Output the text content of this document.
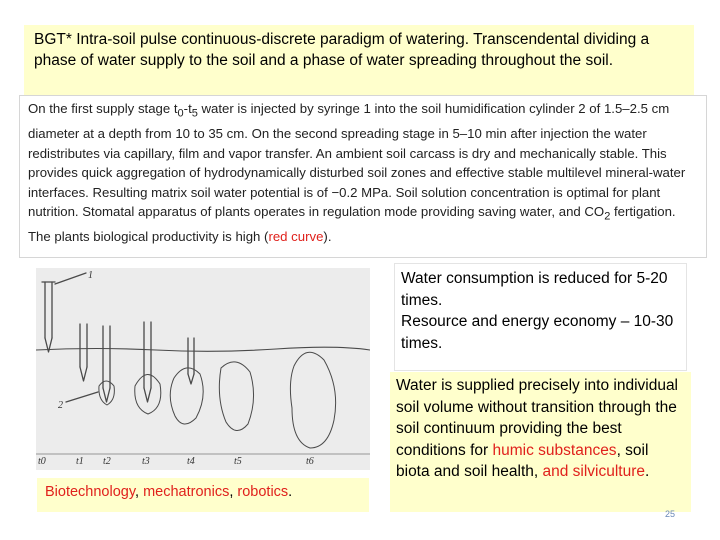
BGT* Intra-soil pulse continuous-discrete paradigm of watering. Transcendental dividing a phase of water supply to the soil and a phase of water spreading throughout the soil.

On the first supply stage $t_0-t_5$ water is injected by syringe 1 into the soil humidification cylinder 2 of 1.5–2.5 cm diameter at a depth from 10 to 35 cm. On the second spreading stage in 5–10 min after injection the water redistributes via capillary, film and vapor transfer. An ambient soil carcass is dry and mechanically stable. This provides quick aggregation of hydrodynamically disturbed soil zones and effective stable multilevel mineral-water interfaces. Resulting matrix soil water potential is of −0.2 MPa. Soil solution concentration is optimal for plant nutrition. Stomatal apparatus of plants operates in regulation mode providing saving water, and $CO_2$ fertigation. The plants biological productivity is high (red curve).

1
2
t0	t1 t2	t3	t4	t5	t6
Biotechnology, mechatronics, robotics.

Water consumption is reduced for 5-20 times.

Resource and energy economy – 10-30 times.

Water is supplied precisely into individual soil volume without transition through the soil continuum providing the best conditions for humic substances, soil biota and soil health, and silviculture.

25
